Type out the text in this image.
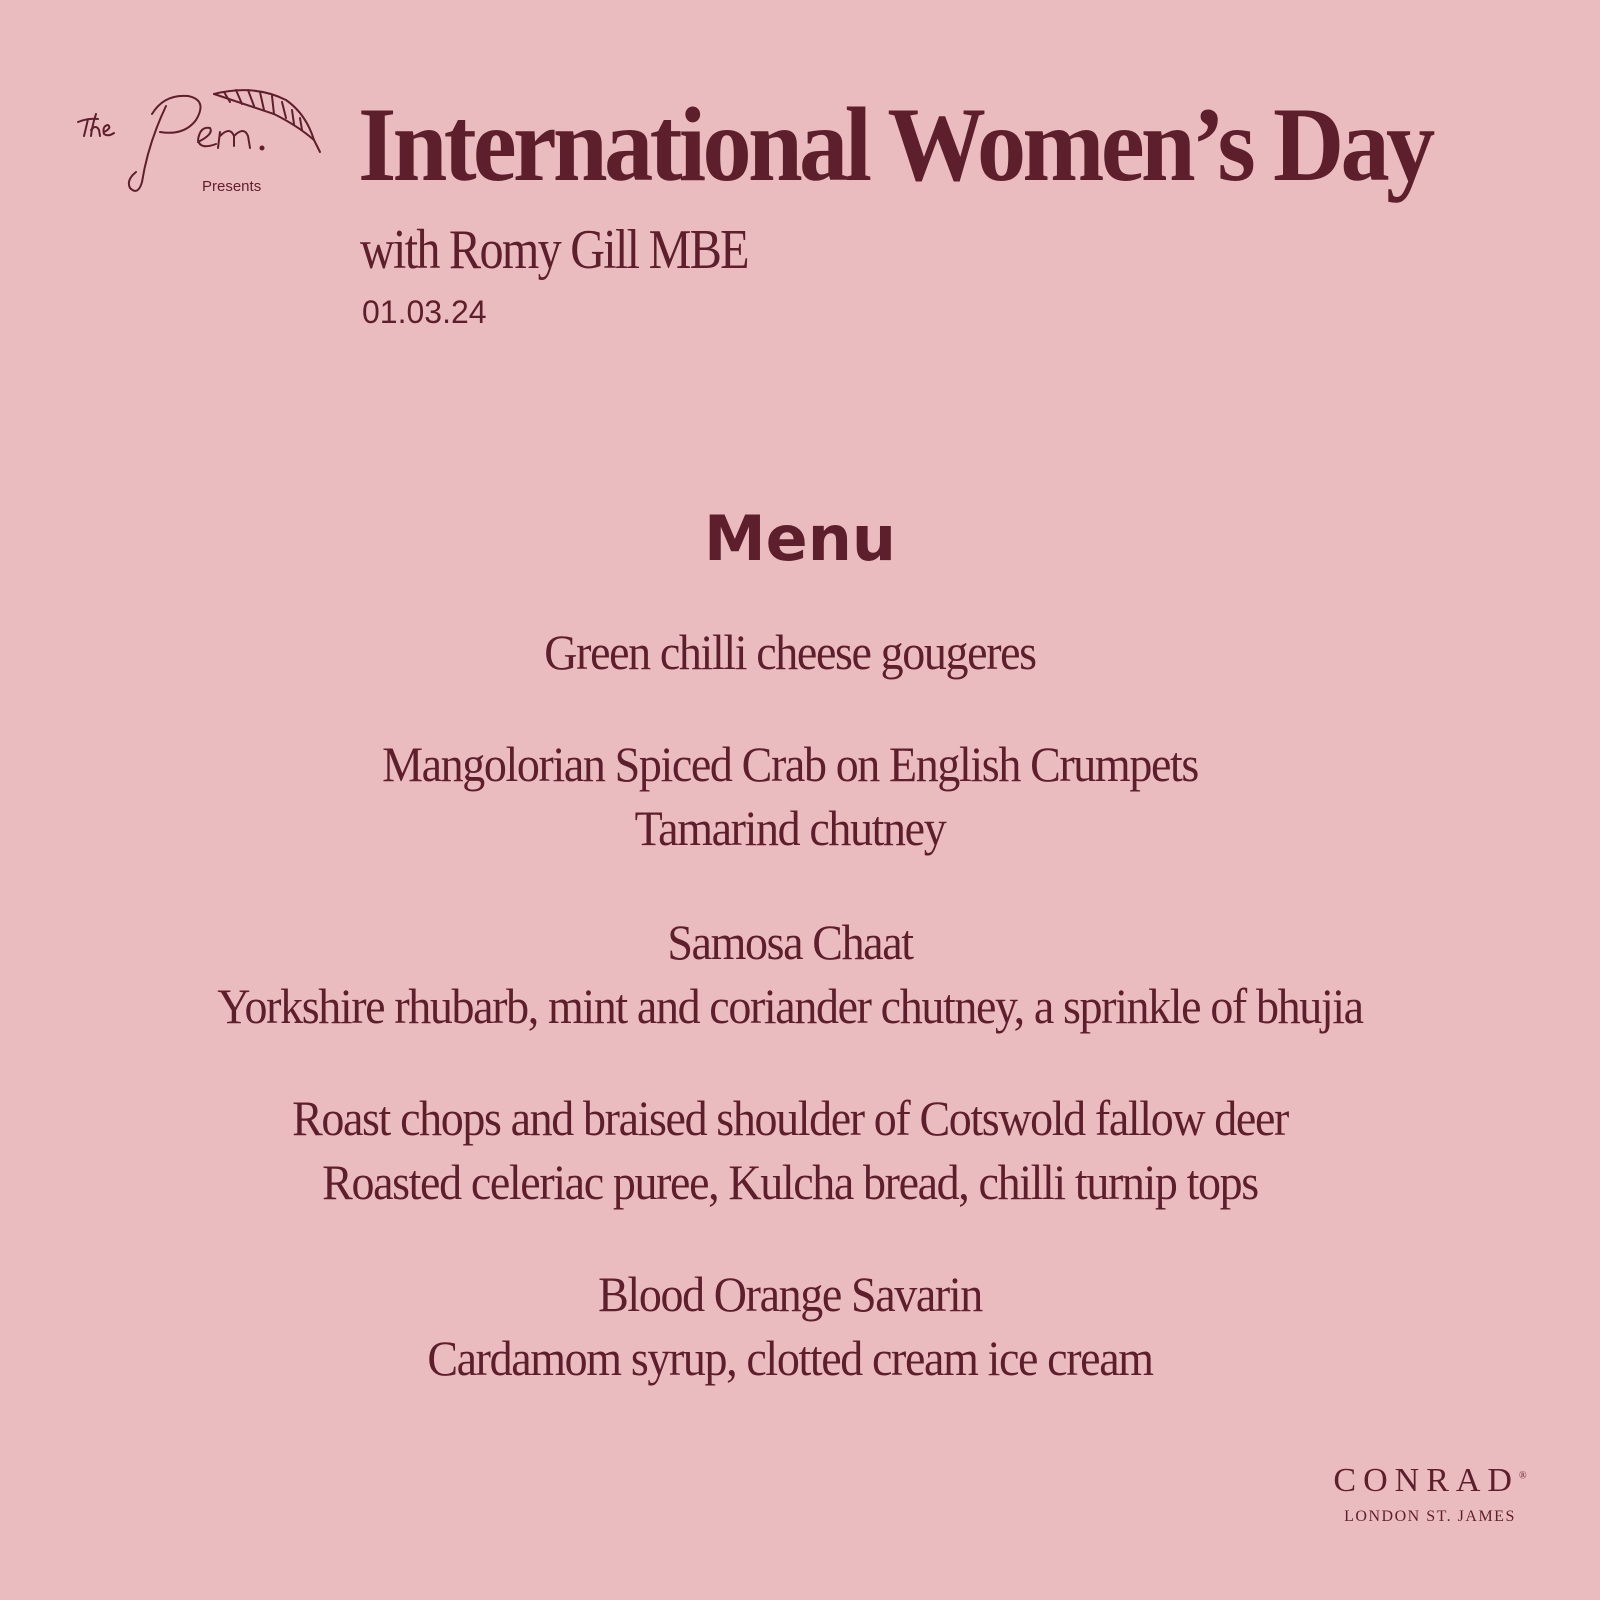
Presents International Women’s Day
with Romy Gill MBE
01.03.24
Menu
Green chilli cheese gougeres
Mangolorian Spiced Crab on English Crumpets
Tamarind chutney
Samosa Chaat
Yorkshire rhubarb, mint and coriander chutney, a sprinkle of bhujia
Roast chops and braised shoulder of Cotswold fallow deer
Roasted celeriac puree, Kulcha bread, chilli turnip tops
Blood Orange Savarin
Cardamom syrup, clotted cream ice cream
CONRAD®
LONDON ST. JAMES
